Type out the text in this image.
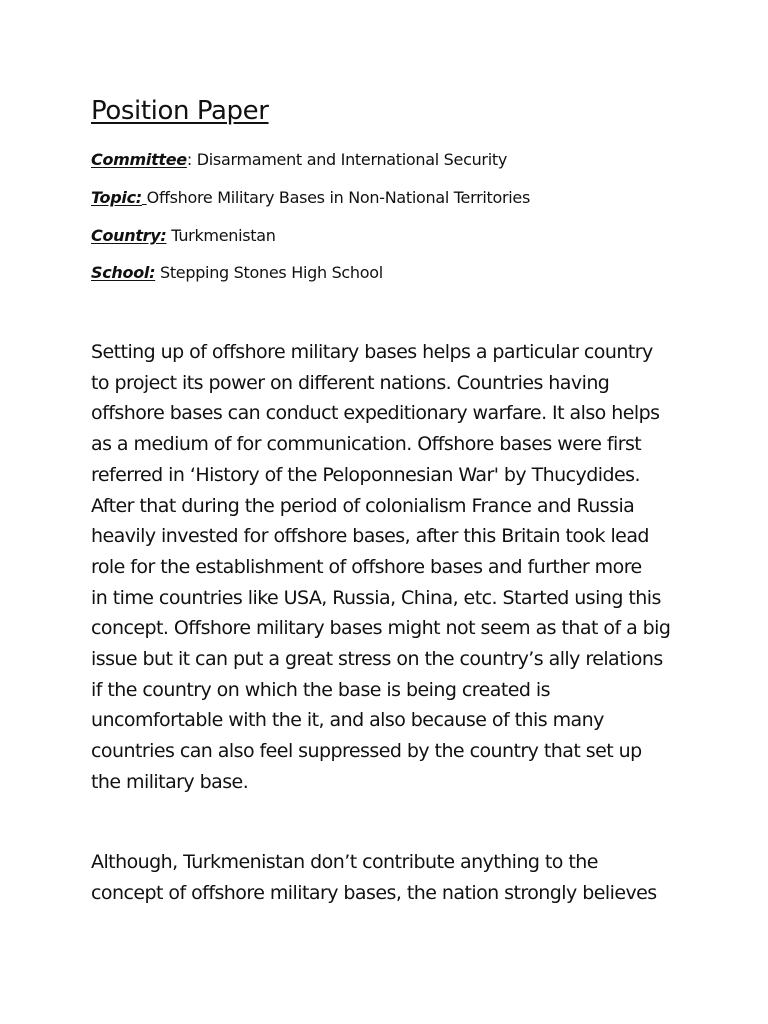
Position Paper

Committee: Disarmament and International Security

Topic: Offshore Military Bases in Non-National Territories

Country: Turkmenistan

School: Stepping Stones High School

Setting up of offshore military bases helps a particular country
to project its power on different nations. Countries having
offshore bases can conduct expeditionary warfare. It also helps
as a medium of for communication. Offshore bases were first
referred in ‘History of the Peloponnesian War' by Thucydides.
After that during the period of colonialism France and Russia
heavily invested for offshore bases, after this Britain took lead
role for the establishment of offshore bases and further more
in time countries like USA, Russia, China, etc. Started using this
concept. Offshore military bases might not seem as that of a big
issue but it can put a great stress on the country’s ally relations
if the country on which the base is being created is
uncomfortable with the it, and also because of this many
countries can also feel suppressed by the country that set up
the military base.

Although, Turkmenistan don’t contribute anything to the
concept of offshore military bases, the nation strongly believes
